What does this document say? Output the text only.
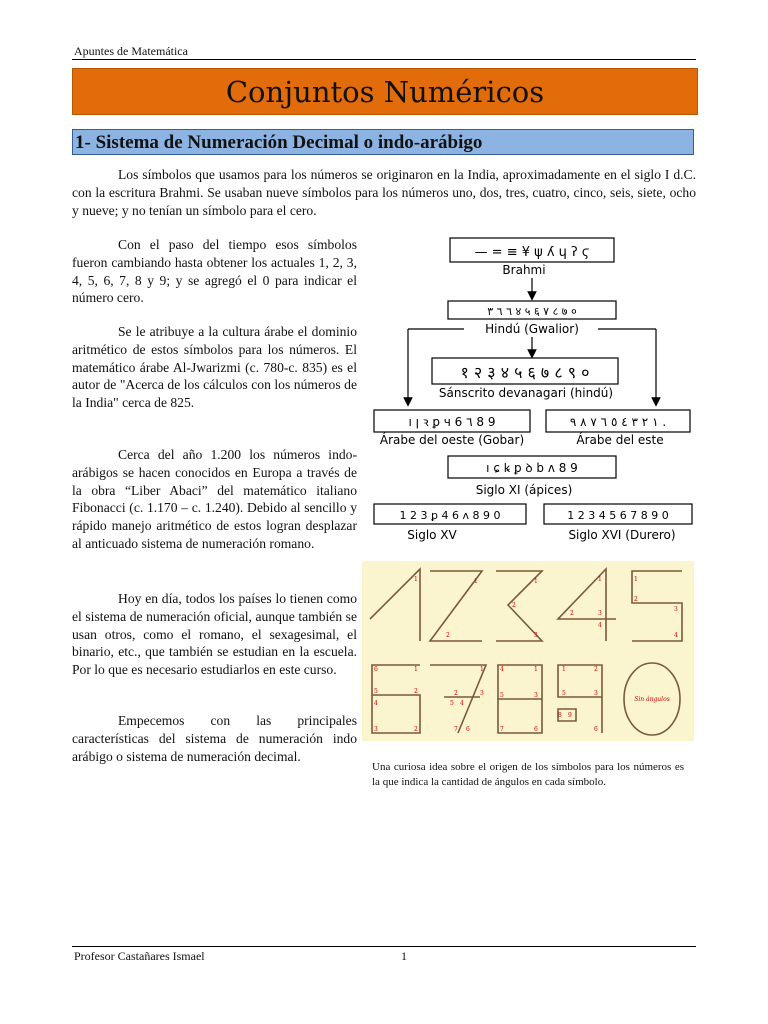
Apuntes de Matemática
Conjuntos Numéricos
1- Sistema de Numeración Decimal o indo-arábigo
Los símbolos que usamos para los números se originaron en la India, aproximadamente en el siglo I d.C. con la escritura Brahmi. Se usaban nueve símbolos para los números uno, dos, tres, cuatro, cinco, seis, siete, ocho y nueve; y no tenían un símbolo para el cero.
Con el paso del tiempo esos símbolos fueron cambiando hasta obtener los actuales 1, 2, 3, 4, 5, 6, 7, 8 y 9; y se agregó el 0 para indicar el número cero.
Se le atribuye a la cultura árabe el dominio aritmético de estos símbolos para los números. El matemático árabe Al-Jwarizmi (c. 780-c. 835) es el autor de "Acerca de los cálculos con los números de la India" cerca de 825.
Cerca del año 1.200 los números indo-arábigos se hacen conocidos en Europa a través de la obra “Liber Abaci” del matemático italiano Fibonacci (c. 1.170 – c. 1.240). Debido al sencillo y rápido manejo aritmético de estos logran desplazar al anticuado sistema de numeración romano.
Hoy en día, todos los países lo tienen como el sistema de numeración oficial, aunque también se usan otros, como el romano, el sexagesimal, el binario, etc., que también se estudian en la escuela. Por lo que es necesario estudiarlos en este curso.
Empecemos con las principales características del sistema de numeración indo arábigo o sistema de numeración decimal.
— = ≡ ¥ ψ ʎ ɥ ʔ ϛ
Brahmi
٦ ٦ ٣ ४ ५ ६ ٧ ८ ७ ०
Hindú (Gwalior)
१ २ ३ ४ ५ ६ ७ ८ ९ ०
Sánscrito devanagari (hindú)
ı ꞁ ꝛ ꝑ ч 6 ٦ 8 9
Árabe del oeste (Gobar)
١ ٢ ٣ ٤ ٥ ٦ ٧ ٨ ٩ .
Árabe del este
ı ɕ ꝃ ꝑ ꝺ b ʌ 8 9
Siglo XI (ápices)
1 2 3 ꝑ 4 6 ʌ 8 9 0
Siglo XV
1 2 3 4 5 6 7 8 9 0
Siglo XVI (Durero)
1	1
2
1
2
3
1
2	3
4
1
2
3
4
6	1
5	2
4
3	2
1
2	3
5 4
7 6
4	1
5	3
7	6
1	2
5	3
8 9
6
Sin ángulos
Una curiosa idea sobre el origen de los símbolos para los números es la que indica la cantidad de ángulos en cada símbolo.
Profesor Castañares Ismael	1
